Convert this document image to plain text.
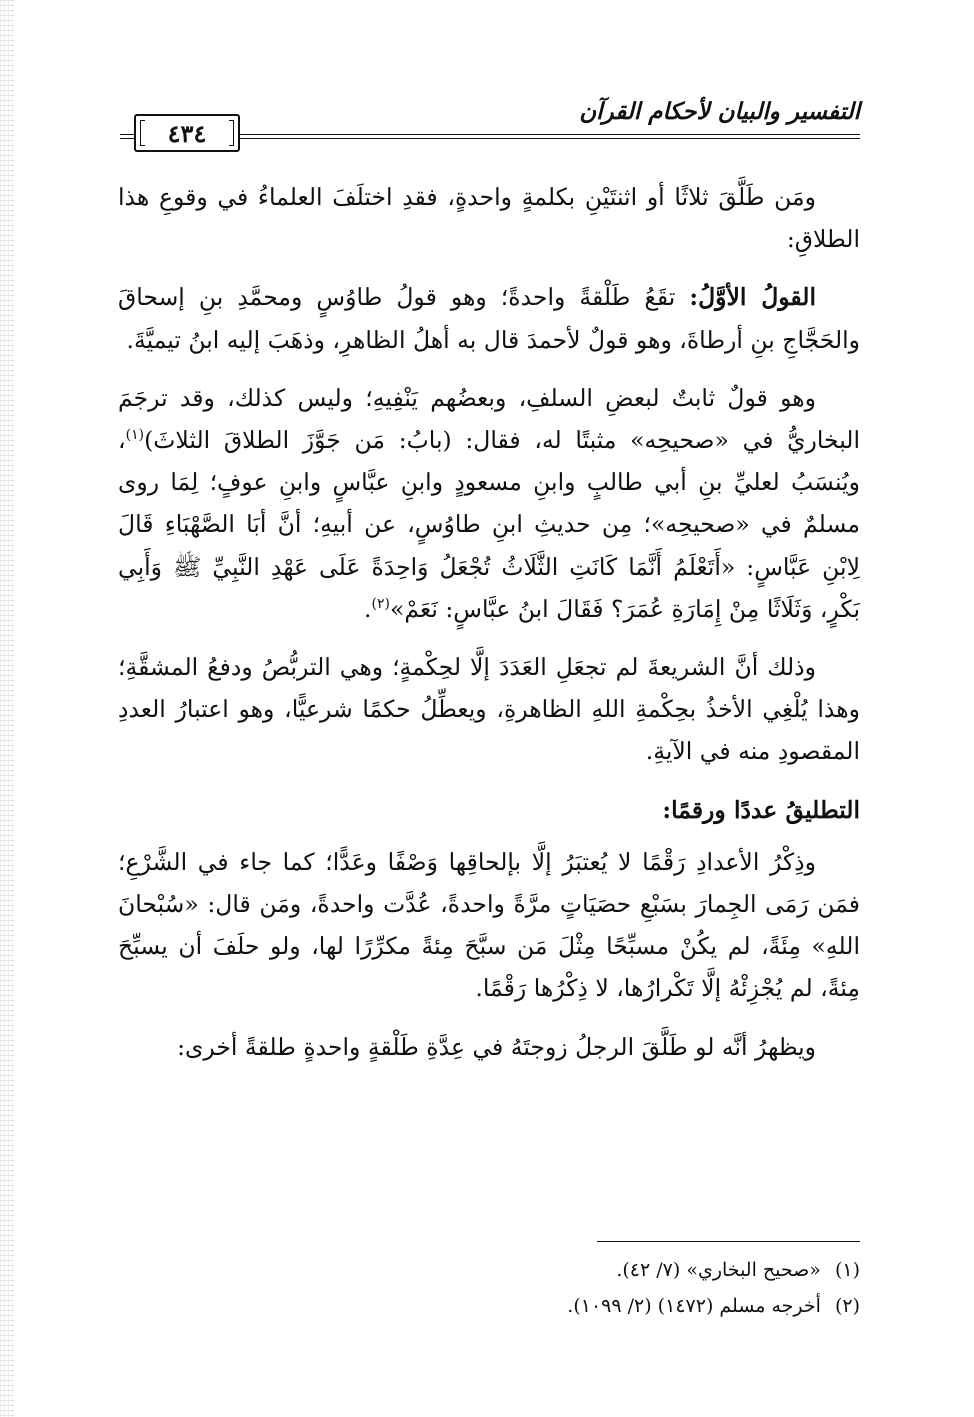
التفسير والبيان لأحكام القرآن
٤٣٤

ومَن طَلَّقَ ثلاثًا أو اثنتَيْنِ بكلمةٍ واحدةٍ، فقدِ اختلَفَ العلماءُ في وقوعِ هذا الطلاقِ:

القولُ الأوَّلُ: تقَعُ طَلْقةً واحدةً؛ وهو قولُ طاوُسٍ ومحمَّدِ بنِ إسحاقَ والحَجَّاجِ بنِ أرطاةَ، وهو قولٌ لأحمدَ قال به أهلُ الظاهرِ، وذهَبَ إليه ابنُ تيميَّةَ.

وهو قولٌ ثابتٌ لبعضِ السلفِ، وبعضُهم يَنْفِيهِ؛ وليس كذلك، وقد ترجَمَ البخاريُّ في «صحيحِه» مثبتًا له، فقال: (بابُ: مَن جَوَّزَ الطلاقَ الثلاثَ)$^{(١)}$، ويُنسَبُ لعليِّ بنِ أبي طالبٍ وابنِ مسعودٍ وابنِ عبَّاسٍ وابنِ عوفٍ؛ لِمَا روى مسلمٌ في «صحيحِه»؛ مِن حديثِ ابنِ طاوُسٍ، عن أبيهِ؛ أنَّ أبَا الصَّهْبَاءِ قَالَ لِابْنِ عَبَّاسٍ: «أَتَعْلَمُ أَنَّمَا كَانَتِ الثَّلَاثُ تُجْعَلُ وَاحِدَةً عَلَى عَهْدِ النَّبِيِّ ﷺ وَأَبِي بَكْرٍ، وَثَلَاثًا مِنْ إِمَارَةِ عُمَرَ؟ فَقَالَ ابنُ عبَّاسٍ: نَعَمْ»$^{(٢)}$.

وذلك أنَّ الشريعةَ لم تجعَلِ العَدَدَ إلَّا لحِكْمةٍ؛ وهي التربُّصُ ودفعُ المشقَّةِ؛ وهذا يُلْغِي الأخذُ بحِكْمةِ اللهِ الظاهرةِ، ويعطِّلُ حكمًا شرعيًّا، وهو اعتبارُ العددِ المقصودِ منه في الآيةِ.

التطليقُ عددًا ورقمًا:

وذِكْرُ الأعدادِ رَقْمًا لا يُعتبَرُ إلَّا بإلحاقِها وَصْفًا وعَدًّا؛ كما جاء في الشَّرْعِ؛ فمَن رَمَى الجِمارَ بسَبْعِ حصَيَاتٍ مرَّةً واحدةً، عُدَّت واحدةً، ومَن قال: «سُبْحانَ اللهِ» مِئَةً، لم يكُنْ مسبِّحًا مِثْلَ مَن سبَّحَ مِئةً مكرِّرًا لها، ولو حلَفَ أن يسبِّحَ مِئةً، لم يُجْزِئْهُ إلَّا تَكْرارُها، لا ذِكْرُها رَقْمًا.

ويظهرُ أنَّه لو طَلَّقَ الرجلُ زوجتَهُ في عِدَّةِ طَلْقةٍ واحدةٍ طلقةً أخرى:

(١)
«صحيح البخاري» (٧/ ٤٢).
(٢)
أخرجه مسلم (١٤٧٢) (٢/ ١٠٩٩).
